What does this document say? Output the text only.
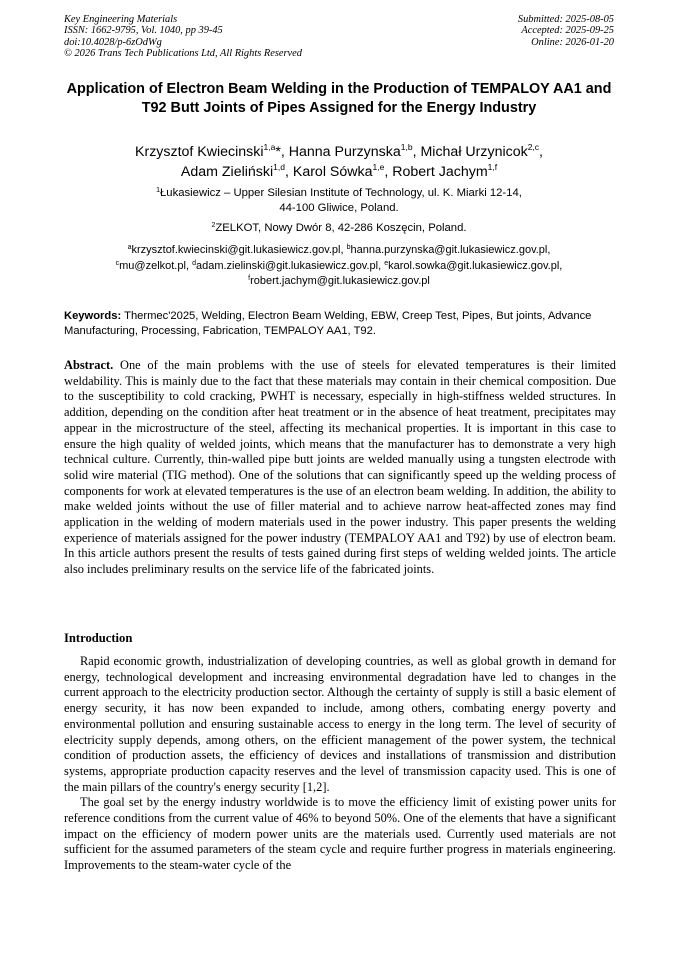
Key Engineering Materials
ISSN: 1662-9795, Vol. 1040, pp 39-45
doi:10.4028/p-6zOdWg
© 2026 Trans Tech Publications Ltd, All Rights Reserved
Submitted: 2025-08-05
Accepted: 2025-09-25
Online: 2026-01-20
Application of Electron Beam Welding in the Production of TEMPALOY AA1 and T92 Butt Joints of Pipes Assigned for the Energy Industry
Krzysztof Kwiecinski$^{1,a}$*, Hanna Purzynska$^{1,b}$, Michał Urzynicok$^{2,c}$,
Adam Zieliński$^{1,d}$, Karol Sówka$^{1,e}$, Robert Jachym$^{1,f}$
$^1$Łukasiewicz – Upper Silesian Institute of Technology, ul. K. Miarki 12-14,
44-100 Gliwice, Poland.
$^2$ZELKOT, Nowy Dwór 8, 42-286 Koszęcin, Poland.
$^a$krzysztof.kwiecinski@git.lukasiewicz.gov.pl, $^b$hanna.purzynska@git.lukasiewicz.gov.pl,
$^c$mu@zelkot.pl, $^d$adam.zielinski@git.lukasiewicz.gov.pl, $^e$karol.sowka@git.lukasiewicz.gov.pl,
$^f$robert.jachym@git.lukasiewicz.gov.pl
Keywords: Thermec'2025, Welding, Electron Beam Welding, EBW, Creep Test, Pipes, But joints, Advance Manufacturing, Processing, Fabrication, TEMPALOY AA1, T92.
Abstract. One of the main problems with the use of steels for elevated temperatures is their limited weldability. This is mainly due to the fact that these materials may contain in their chemical composition. Due to the susceptibility to cold cracking, PWHT is necessary, especially in high-stiffness welded structures. In addition, depending on the condition after heat treatment or in the absence of heat treatment, precipitates may appear in the microstructure of the steel, affecting its mechanical properties. It is important in this case to ensure the high quality of welded joints, which means that the manufacturer has to demonstrate a very high technical culture. Currently, thin-walled pipe butt joints are welded manually using a tungsten electrode with solid wire material (TIG method). One of the solutions that can significantly speed up the welding process of components for work at elevated temperatures is the use of an electron beam welding. In addition, the ability to make welded joints without the use of filler material and to achieve narrow heat-affected zones may find application in the welding of modern materials used in the power industry. This paper presents the welding experience of materials assigned for the power industry (TEMPALOY AA1 and T92) by use of electron beam. In this article authors present the results of tests gained during first steps of welding welded joints. The article also includes preliminary results on the service life of the fabricated joints.
Introduction

Rapid economic growth, industrialization of developing countries, as well as global growth in demand for energy, technological development and increasing environmental degradation have led to changes in the current approach to the electricity production sector. Although the certainty of supply is still a basic element of energy security, it has now been expanded to include, among others, combating energy poverty and environmental pollution and ensuring sustainable access to energy in the long term. The level of security of electricity supply depends, among others, on the efficient management of the power system, the technical condition of production assets, the efficiency of devices and installations of transmission and distribution systems, appropriate production capacity reserves and the level of transmission capacity used. This is one of the main pillars of the country's energy security [1,2].

The goal set by the energy industry worldwide is to move the efficiency limit of existing power units for reference conditions from the current value of 46% to beyond 50%. One of the elements that have a significant impact on the efficiency of modern power units are the materials used. Currently used materials are not sufficient for the assumed parameters of the steam cycle and require further progress in materials engineering. Improvements to the steam-water cycle of the
